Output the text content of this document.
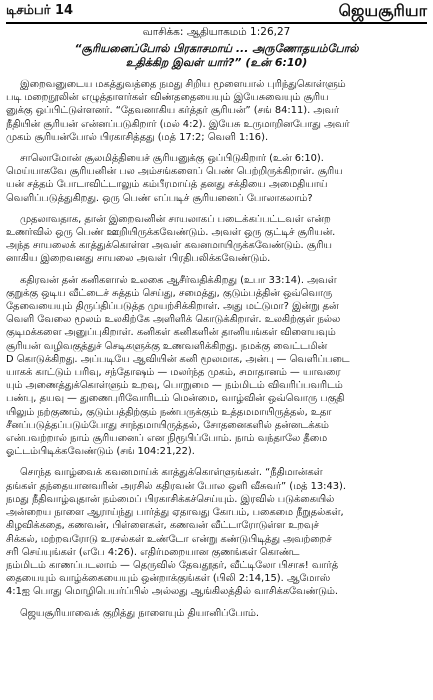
டிசம்பர் 14	ஜெயசூரியா
வாசிக்க: ஆதியாகமம் 1:26,27
“சூரியனைப்போல் பிரகாசமாய் ... அருணோதயம்போல்
உதிக்கிற இவள் யார்?” (உன் 6:10)
இறைவனுடைய மகத்துவத்தை நமது சிறிய மூளையால் புரிந்துகொள்ளும்
படி மறைநூலின் எழுத்தாளர்கள் விண்ததையையும் இயேசுவையும் சூரிய
னுக்கு ஒப்பிட்டுள்ளனர். “தேவனாகிய கர்த்தர் சூரியன்” (சங் 84:11). அவர்
நீதியின் சூரியன் என்னப்படுகிறார் (மல் 4:2). இயேசு உருமாறினபோது அவர்
முகம் சூரியன்போல் பிரகாசித்தது (மத் 17:2; வெளி 1:16).
சாலொமோன் சூலமித்தியைச் சூரியனுக்கு ஒப்பிடுகிறார் (உன் 6:10).
மெய்யாகவே சூரியனின் பல அம்சங்களைப் பெண் பெற்றிருக்கிறாள். சூரிய
யன் சத்தம் போடாவிட்டாலும் கம்பீரமாய்த் தனது சக்தியை அமைதியாய்
வெளிப்படுத்துகிறது. ஒரு பெண் எப்படிச் சூரியனைப் போலாகலாம்?
முதலாவதாக, தான் இறைவனின் சாயலாகப் படைக்கப்பட்டவள் என்ற
உணர்வில் ஒரு பெண் ஊறியிருக்கவேண்டும். அவள் ஒரு குட்டிச் சூரியன்.
அந்த சாயலைக் காத்துக்கொள்ள அவள் கவனமாயிருக்கவேண்டும். சூரிய
னாகிய இறைவனது சாயலை அவள் பிரதிபலிக்கவேண்டும்.
கதிரவன் தன் கனிகளால் உலகை ஆசீர்வதிக்கிறது (உபா 33:14). அவள்
குறுக்கு ஒடிய வீட்டைச் சுத்தம் செய்து, சமைத்து, குடும்பத்தின் ஒவ்வொரு
தேவையையும் திருப்திப்படுத்த முயற்சிக்கிறாள். அது மட்டுமா? இன்று தன்
வெளி வேலை மூலம் உலகிற்கே அளிளிக் கொடுக்கிறாள். உலகிற்குள் நல்ல
குடிமக்களை அனுப்புகிறாள். கனிகள் கனிகளின் தானியங்கள் விளையவும்
சூரியன் வழிவகுத்துச் செடிகளுக்கு உணவளிக்கிறது. நமக்கு வைட்டமின்
D கொடுக்கிறது. அப்படியே ஆவியின் கனி மூலமாக, அன்பு — வெளிப்படை
யாகக் காட்டும் பரிவு, சந்தோஷம் — மலர்ந்த முகம், சமாதானம் — யாவரை
யும் அணைத்துக்கொள்ளும் உறவு, பொறுமை — நம்மிடம் விவரிப்பவரிடம்
பண்பு, தயவு — துணைபுரிவோரிடம் மென்மை, வாழ்வின் ஒவ்வொரு பகுதி
யிலும் நற்குணம், குடும்பத்திற்கும் நண்பருக்கும் உத்தமமாயிருத்தல், உதா
சீனப்படுத்தப்படும்போது சாந்தமாயிருத்தல், சோதனைகளில் தன்னடக்கம்
என்பவற்றால் நாம் சூரியனைப் என நிரூபிப்போம். நாம் வந்தாலே தீமை
ஓட்டம்பிடிக்கவேண்டும் (சங் 104:21,22).
சொந்த வாழ்வைக் கவனமாய்க் காத்துக்கொள்ளுங்கள். “நீதிமான்கள்
தங்கள் தந்தையானவரின் அரசில் கதிரவன் போல ஒளி வீசுவர்” (மத் 13:43).
நமது நீதிவாழ்வுதான் நம்மைப் பிரகாசிக்கச்செய்யும். இரவில் படுக்கையில்
அன்றைய நாளை ஆராய்ந்து பார்த்து ஏதாவது கோபம், பகைமை நீறுதல்கள்,
கிழவிக்கதை, கணவன், பிள்ளைகள், கணவன் வீட்டாரோடுள்ள உறவுச்
சிக்கல், மற்றவரோடு உரசல்கள் உண்டோ என்று கண்டுபிடித்து அவற்றைச்
சரி செய்யுங்கள் (எபே 4:26). எதிர்மறையான குணங்கள் கொண்ட
நம்மிடம் காணப்படலாம் — தெருவில் தேவதூதர், வீட்டிலோ பிசாசு! வார்த்
தையையும் வாழ்க்கையையும் ஒன்றாக்குங்கள் (பிலி 2:14,15). ஆமோஸ்
4:1ஐ பொது மொழிபெயர்ப்பில் அல்லது ஆங்கிலத்தில் வாசிக்கவேண்டும்.
ஜெயசூரியாவைக் குறித்து நாளையும் தியானிப்போம்.
